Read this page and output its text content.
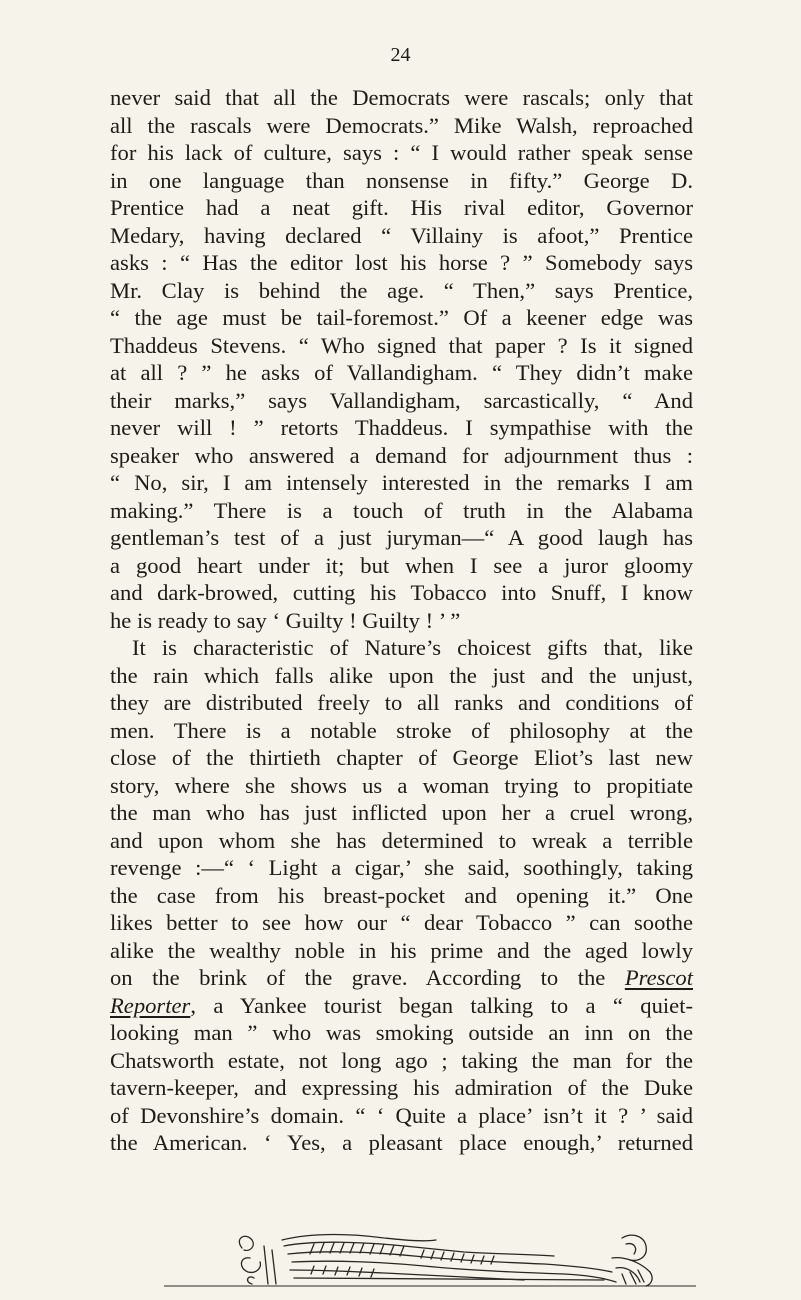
24
never said that all the Democrats were rascals; only that
all the rascals were Democrats.” Mike Walsh, reproached
for his lack of culture, says : “ I would rather speak sense
in one language than nonsense in fifty.” George D.
Prentice had a neat gift. His rival editor, Governor
Medary, having declared “ Villainy is afoot,” Prentice
asks : “ Has the editor lost his horse ? ” Somebody says
Mr. Clay is behind the age. “ Then,” says Prentice,
“ the age must be tail-foremost.” Of a keener edge was
Thaddeus Stevens. “ Who signed that paper ? Is it signed
at all ? ” he asks of Vallandigham. “ They didn’t make
their marks,” says Vallandigham, sarcastically, “ And
never will ! ” retorts Thaddeus. I sympathise with the
speaker who answered a demand for adjournment thus :
“ No, sir, I am intensely interested in the remarks I am
making.” There is a touch of truth in the Alabama
gentleman’s test of a just juryman—“ A good laugh has
a good heart under it; but when I see a juror gloomy
and dark-browed, cutting his Tobacco into Snuff, I know
he is ready to say ‘ Guilty ! Guilty ! ’ ”
It is characteristic of Nature’s choicest gifts that, like
the rain which falls alike upon the just and the unjust,
they are distributed freely to all ranks and conditions of
men. There is a notable stroke of philosophy at the
close of the thirtieth chapter of George Eliot’s last new
story, where she shows us a woman trying to propitiate
the man who has just inflicted upon her a cruel wrong,
and upon whom she has determined to wreak a terrible
revenge :—“ ‘ Light a cigar,’ she said, soothingly, taking
the case from his breast-pocket and opening it.” One
likes better to see how our “ dear Tobacco ” can soothe
alike the wealthy noble in his prime and the aged lowly
on the brink of the grave. According to the Prescot
Reporter, a Yankee tourist began talking to a “ quiet-
looking man ” who was smoking outside an inn on the
Chatsworth estate, not long ago ; taking the man for the
tavern-keeper, and expressing his admiration of the Duke
of Devonshire’s domain. “ ‘ Quite a place’ isn’t it ? ’ said
the American. ‘ Yes, a pleasant place enough,’ returned
